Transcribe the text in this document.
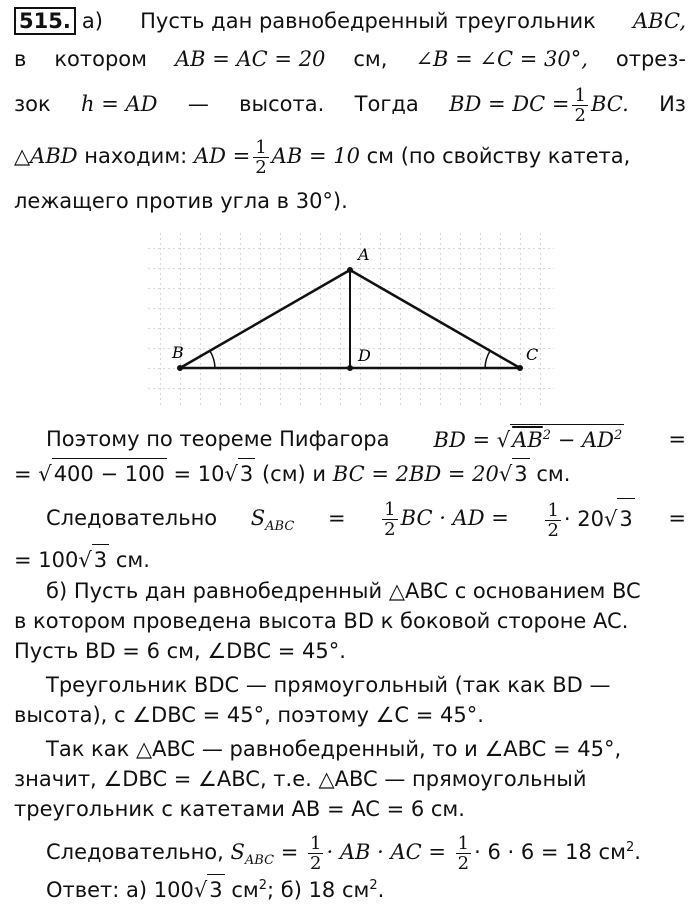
515. а) Пусть дан равнобедренный треугольник ABC,
в котором AB = AC = 20 см, ∠B = ∠C = 30°, отрез-
зок h = AD — высота. Тогда BD = DC = $\frac{1}{2}$ BC. Из
△ABD находим: AD = $\frac{1}{2}$ AB = 10 см (по свойству катета,
лежащего против угла в 30°).
A
B	C
D
Поэтому по теореме Пифагора BD = √ $AB^2 - AD^2$ =
= √ 400 − 100 = 10 √ 3 (см) и BC = 2BD = 20 √ 3 см.
Следовательно $S_{ABC} = \frac{1}{2}$ BC · AD = $\frac{1}{2} \cdot 20$ √ 3 =
= 100 √ 3 см.
б) Пусть дан равнобедренный △ABC с основанием BC
в котором проведена высота BD к боковой стороне AC.
Пусть BD = 6 см, ∠DBC = 45°.
Треугольник BDC — прямоугольный (так как BD —
высота), с ∠DBC = 45°, поэтому ∠C = 45°.
Так как △ABC — равнобедренный, то и ∠ABC = 45°,
значит, ∠DBC = ∠ABC, т.е. △ABC — прямоугольный
треугольник с катетами AB = AC = 6 см.
Следовательно, $S_{ABC} = \frac{1}{2}$ · AB · AC = $\frac{1}{2} \cdot 6 \cdot 6 = 18$ $см^2$.
Ответ: а) 100 √ 3 $см^2$; б) 18 $см^2$.
